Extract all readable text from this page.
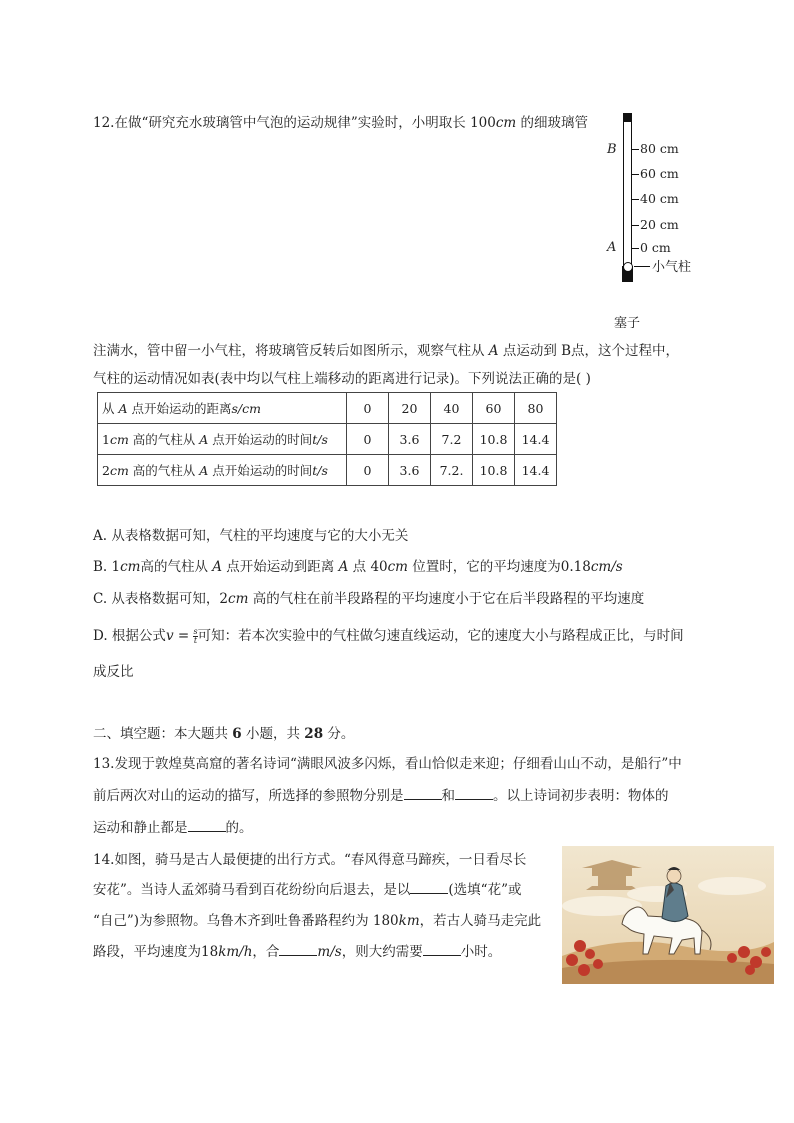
12.在做“研究充水玻璃管中气泡的运动规律”实验时，小明取长 100cm 的细玻璃管
B 80 cm
60 cm
40 cm
20 cm
A 0 cm
小气柱
塞子
注满水，管中留一小气柱，将玻璃管反转后如图所示，观察气柱从 A 点运动到 B点，这个过程中，
气柱的运动情况如表(表中均以气柱上端移动的距离进行记录)。下列说法正确的是( )
从 A 点开始运动的距离s/cm	0	20	40	60	80
1cm 高的气柱从 A 点开始运动的时间t/s	0	3.6	7.2	10.8	14.4
2cm 高的气柱从 A 点开始运动的时间t/s	0	3.6	7.2.	10.8	14.4
A. 从表格数据可知，气柱的平均速度与它的大小无关
B. 1cm高的气柱从 A 点开始运动到距离 A 点 40cm 位置时，它的平均速度为0.18cm/s
C. 从表格数据可知，2cm 高的气柱在前半段路程的平均速度小于它在后半段路程的平均速度
D. 根据公式$v = \frac{s}{t}$ 可知：若本次实验中的气柱做匀速直线运动，它的速度大小与路程成正比，与时间
成反比
二、填空题：本大题共 6 小题，共 28 分。
13.发现于敦煌莫高窟的著名诗词“满眼风波多闪烁，看山恰似走来迎；仔细看山山不动，是船行”中
前后两次对山的运动的描写，所选择的参照物分别是	和	。以上诗词初步表明：物体的
运动和静止都是	的。
14.如图，骑马是古人最便捷的出行方式。“春风得意马蹄疾，一日看尽长
安花”。当诗人孟郊骑马看到百花纷纷向后退去，是以	(选填“花”或
“自己”)为参照物。乌鲁木齐到吐鲁番路程约为 180km，若古人骑马走完此
路段，平均速度为18km/h，合	m/s，则大约需要	小时。
